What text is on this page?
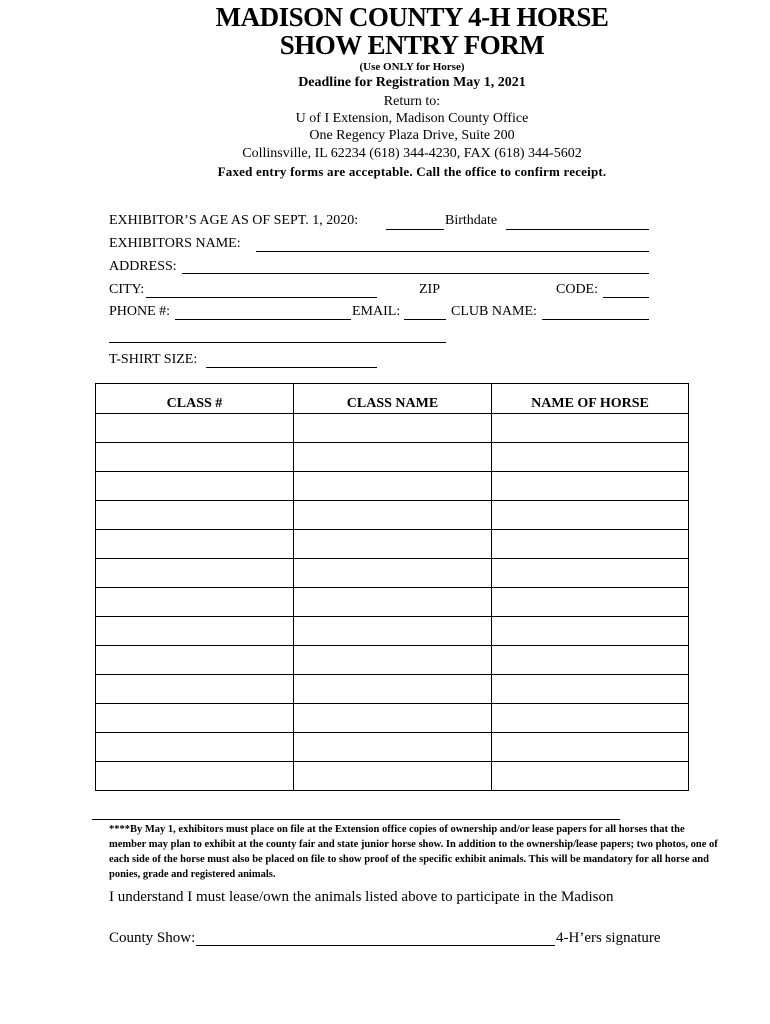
MADISON COUNTY 4-H HORSE
SHOW ENTRY FORM
(Use ONLY for Horse)
Deadline for Registration May 1, 2021
Return to:
U of I Extension, Madison County Office
One Regency Plaza Drive, Suite 200
Collinsville, IL 62234 (618) 344-4230, FAX (618) 344-5602
Faxed entry forms are acceptable. Call the office to confirm receipt.
EXHIBITOR’S AGE AS OF SEPT. 1, 2020:	Birthdate
EXHIBITORS NAME:
ADDRESS:
CITY:	ZIP	CODE:
PHONE #:	EMAIL:	CLUB NAME:
T-SHIRT SIZE:
CLASS #	CLASS NAME	NAME OF HORSE

****By May 1, exhibitors must place on file at the Extension office copies of ownership and/or lease papers for all horses that the member may plan to exhibit at the county fair and state junior horse show. In addition to the ownership/lease papers; two photos, one of each side of the horse must also be placed on file to show proof of the specific exhibit animals. This will be mandatory for all horse and ponies, grade and registered animals.
I understand I must lease/own the animals listed above to participate in the Madison
County Show:	4-H’ers signature
